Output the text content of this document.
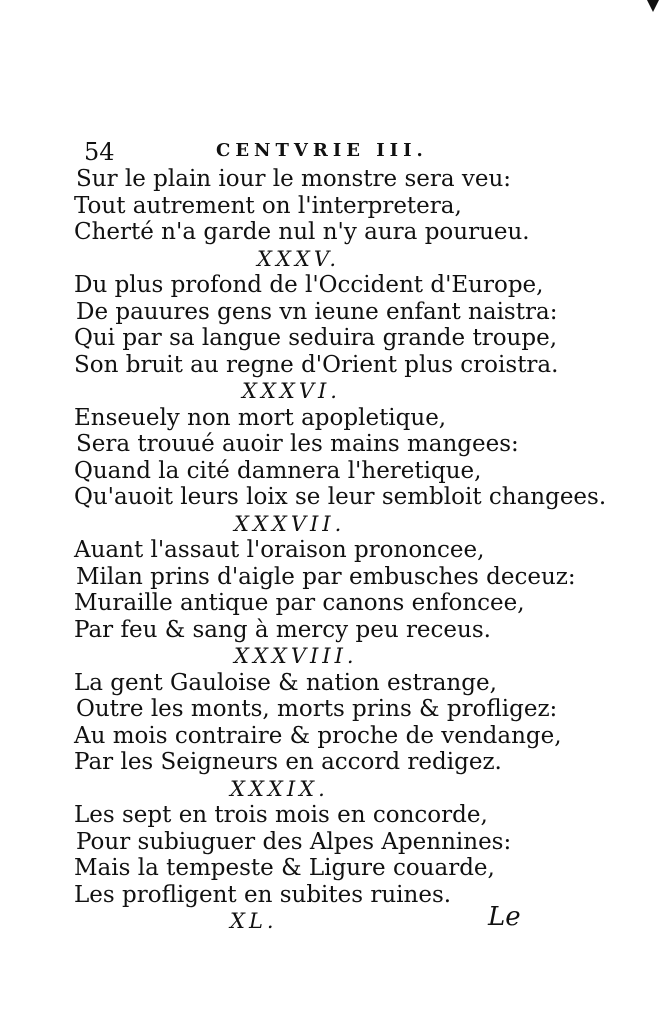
54	CENTVRIE III.
Sur le plain iour le monstre sera veu:
Tout autrement on l'interpretera,
Cherté n'a garde nul n'y aura pourueu.
XXXV.
Du plus profond de l'Occident d'Europe,
De pauures gens vn ieune enfant naistra:
Qui par sa langue seduira grande troupe,
Son bruit au regne d'Orient plus croistra.
XXXVI.
Enseuely non mort apopletique,
Sera trouué auoir les mains mangees:
Quand la cité damnera l'heretique,
Qu'auoit leurs loix se leur sembloit changees.
XXXVII.
Auant l'assaut l'oraison prononcee,
Milan prins d'aigle par embusches deceuz:
Muraille antique par canons enfoncee,
Par feu & sang à mercy peu receus.
XXXVIII.
La gent Gauloise & nation estrange,
Outre les monts, morts prins & profligez:
Au mois contraire & proche de vendange,
Par les Seigneurs en accord redigez.
XXXIX.
Les sept en trois mois en concorde,
Pour subiuguer des Alpes Apennines:
Mais la tempeste & Ligure couarde,
Les profligent en subites ruines.
XL.	Le
